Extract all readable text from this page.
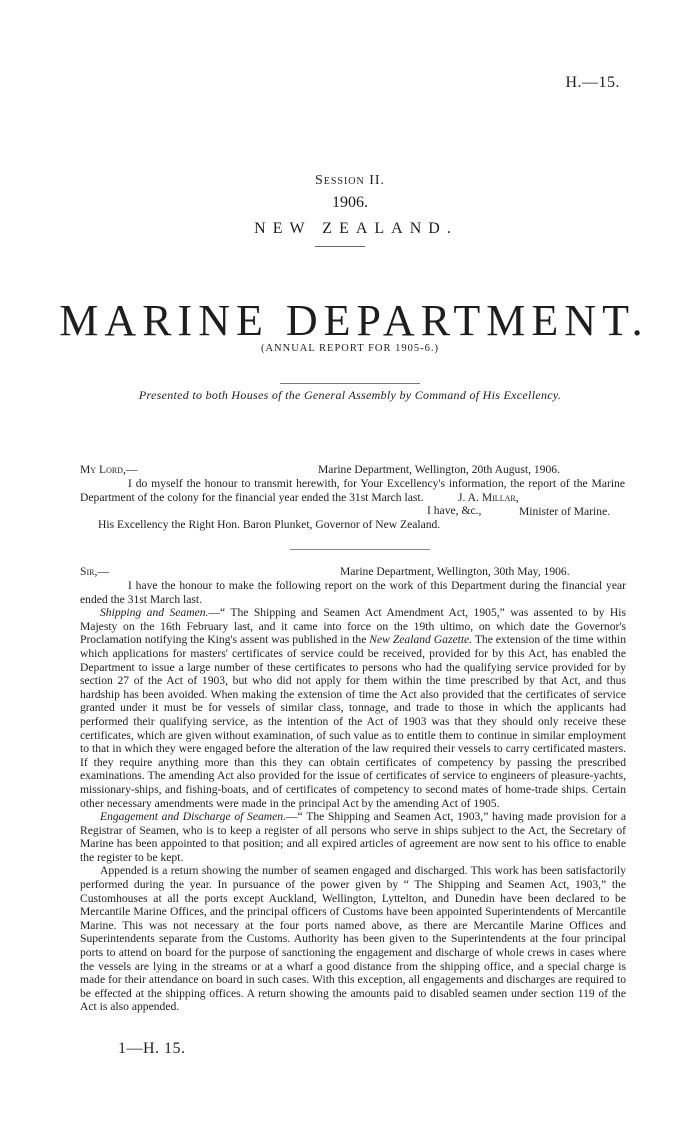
H.—15.
Session II.
1906.
NEW ZEALAND.
MARINE DEPARTMENT.
(ANNUAL REPORT FOR 1905-6.)
Presented to both Houses of the General Assembly by Command of His Excellency.
My Lord,—	Marine Department, Wellington, 20th August, 1906.
I do myself the honour to transmit herewith, for Your Excellency's information, the report of the Marine Department of the colony for the financial year ended the 31st March last.
I have, &c.,
J. A. Millar,
Minister of Marine.
His Excellency the Right Hon. Baron Plunket, Governor of New Zealand.
Sir,—	Marine Department, Wellington, 30th May, 1906.

I have the honour to make the following report on the work of this Department during the financial year ended the 31st March last.

Shipping and Seamen.—“ The Shipping and Seamen Act Amendment Act, 1905,” was assented to by His Majesty on the 16th February last, and it came into force on the 19th ultimo, on which date the Governor's Proclamation notifying the King's assent was published in the New Zealand Gazette. The extension of the time within which applications for masters' certificates of service could be received, provided for by this Act, has enabled the Department to issue a large number of these certificates to persons who had the qualifying service provided for by section 27 of the Act of 1903, but who did not apply for them within the time prescribed by that Act, and thus hardship has been avoided. When making the extension of time the Act also provided that the certificates of service granted under it must be for vessels of similar class, tonnage, and trade to those in which the applicants had performed their qualifying service, as the intention of the Act of 1903 was that they should only receive these certificates, which are given without examination, of such value as to entitle them to continue in similar employment to that in which they were engaged before the alteration of the law required their vessels to carry certificated masters. If they require anything more than this they can obtain certificates of competency by passing the prescribed examinations. The amending Act also provided for the issue of certificates of service to engineers of pleasure-yachts, missionary-ships, and fishing-boats, and of certificates of competency to second mates of home-trade ships. Certain other necessary amendments were made in the principal Act by the amending Act of 1905.

Engagement and Discharge of Seamen.—“ The Shipping and Seamen Act, 1903,” having made provision for a Registrar of Seamen, who is to keep a register of all persons who serve in ships subject to the Act, the Secretary of Marine has been appointed to that position; and all expired articles of agreement are now sent to his office to enable the register to be kept.

Appended is a return showing the number of seamen engaged and discharged. This work has been satisfactorily performed during the year. In pursuance of the power given by “ The Shipping and Seamen Act, 1903,” the Customhouses at all the ports except Auckland, Wellington, Lyttelton, and Dunedin have been declared to be Mercantile Marine Offices, and the principal officers of Customs have been appointed Superintendents of Mercantile Marine. This was not necessary at the four ports named above, as there are Mercantile Marine Offices and Superintendents separate from the Customs. Authority has been given to the Superintendents at the four principal ports to attend on board for the purpose of sanctioning the engagement and discharge of whole crews in cases where the vessels are lying in the streams or at a wharf a good distance from the shipping office, and a special charge is made for their attendance on board in such cases. With this exception, all engagements and discharges are required to be effected at the shipping offices. A return showing the amounts paid to disabled seamen under section 119 of the Act is also appended.

1—H. 15.
